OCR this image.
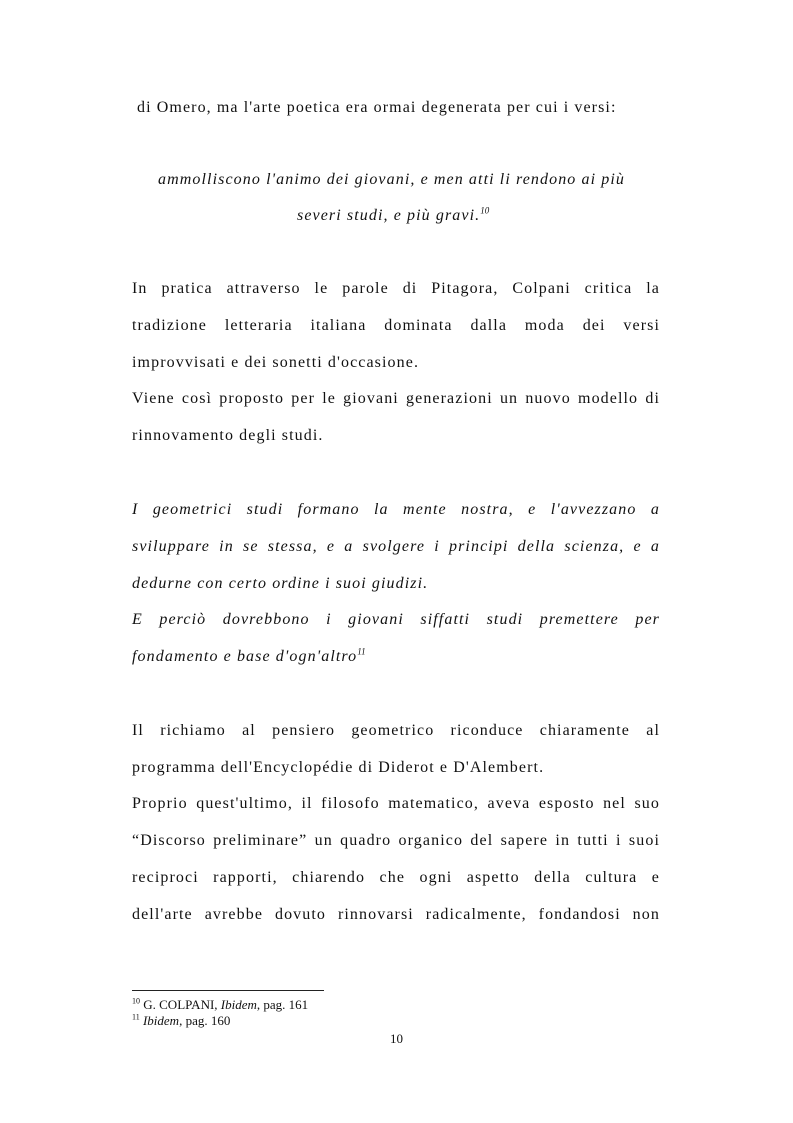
di Omero, ma l'arte poetica era ormai degenerata per cui i versi:
ammolliscono l'animo dei giovani, e men atti li rendono ai più
severi studi, e più gravi.$^{10}$
In pratica attraverso le parole di Pitagora, Colpani critica la
tradizione letteraria italiana dominata dalla moda dei versi
improvvisati e dei sonetti d'occasione.
Viene così proposto per le giovani generazioni un nuovo modello di
rinnovamento degli studi.
I geometrici studi formano la mente nostra, e l'avvezzano a
sviluppare in se stessa, e a svolgere i principi della scienza, e a
dedurne con certo ordine i suoi giudizi.
E perciò dovrebbono i giovani siffatti studi premettere per
fondamento e base d'ogn'altro$^{11}$
Il richiamo al pensiero geometrico riconduce chiaramente al
programma dell'Encyclopédie di Diderot e D'Alembert.
Proprio quest'ultimo, il filosofo matematico, aveva esposto nel suo
“Discorso preliminare” un quadro organico del sapere in tutti i suoi
reciproci rapporti, chiarendo che ogni aspetto della cultura e
dell'arte avrebbe dovuto rinnovarsi radicalmente, fondandosi non
$^{10}$ G. COLPANI, Ibidem, pag. 161
$^{11}$ Ibidem, pag. 160
10
